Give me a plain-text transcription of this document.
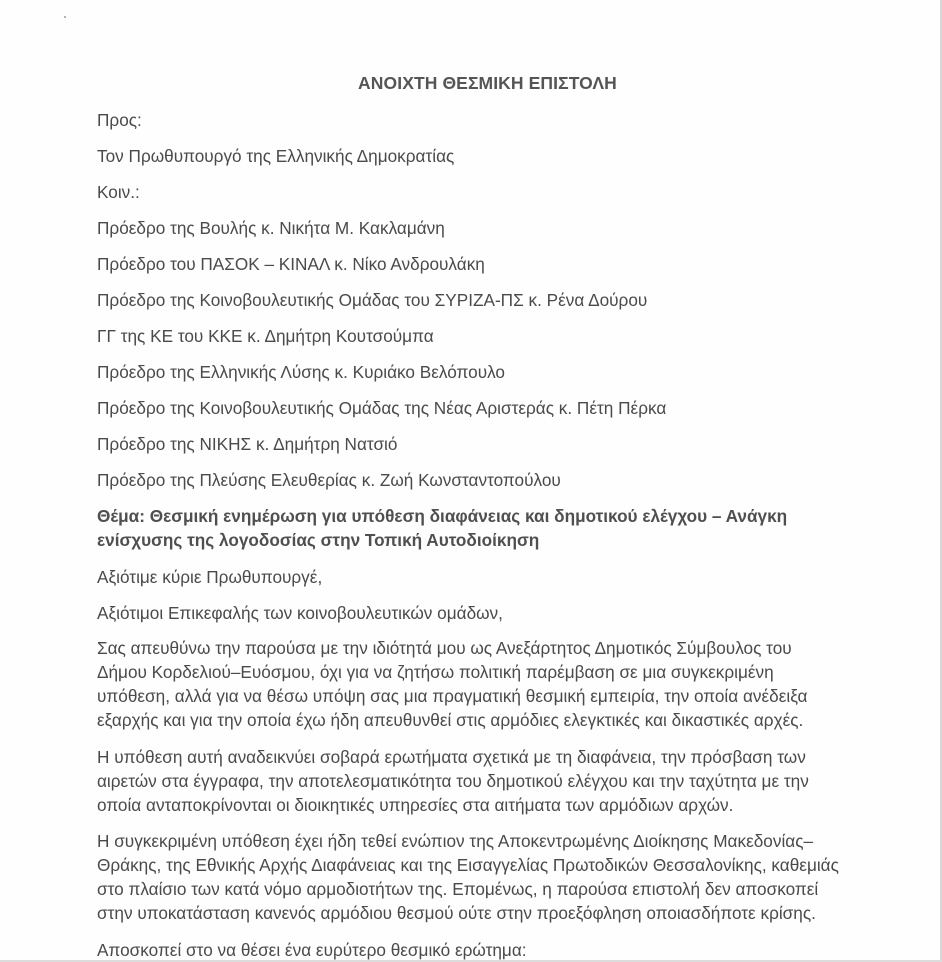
ΑΝΟΙΧΤΗ ΘΕΣΜΙΚΗ ΕΠΙΣΤΟΛΗ
Προς:
Τον Πρωθυπουργό της Ελληνικής Δημοκρατίας
Κοιν.:
Πρόεδρο της Βουλής κ. Νικήτα Μ. Κακλαμάνη
Πρόεδρο του ΠΑΣΟΚ – ΚΙΝΑΛ κ. Νίκο Ανδρουλάκη
Πρόεδρο της Κοινοβουλευτικής Ομάδας του ΣΥΡΙΖΑ-ΠΣ κ. Ρένα Δούρου
ΓΓ της ΚΕ του ΚΚΕ κ. Δημήτρη Κουτσούμπα
Πρόεδρο της Ελληνικής Λύσης κ. Κυριάκο Βελόπουλο
Πρόεδρο της Κοινοβουλευτικής Ομάδας της Νέας Αριστεράς κ. Πέτη Πέρκα
Πρόεδρο της ΝΙΚΗΣ κ. Δημήτρη Νατσιό
Πρόεδρο της Πλεύσης Ελευθερίας κ. Ζωή Κωνσταντοπούλου
Θέμα: Θεσμική ενημέρωση για υπόθεση διαφάνειας και δημοτικού ελέγχου – Ανάγκη
ενίσχυσης της λογοδοσίας στην Τοπική Αυτοδιοίκηση
Αξιότιμε κύριε Πρωθυπουργέ,
Αξιότιμοι Επικεφαλής των κοινοβουλευτικών ομάδων,
Σας απευθύνω την παρούσα με την ιδιότητά μου ως Ανεξάρτητος Δημοτικός Σύμβουλος του
Δήμου Κορδελιού–Ευόσμου, όχι για να ζητήσω πολιτική παρέμβαση σε μια συγκεκριμένη
υπόθεση, αλλά για να θέσω υπόψη σας μια πραγματική θεσμική εμπειρία, την οποία ανέδειξα
εξαρχής και για την οποία έχω ήδη απευθυνθεί στις αρμόδιες ελεγκτικές και δικαστικές αρχές.
Η υπόθεση αυτή αναδεικνύει σοβαρά ερωτήματα σχετικά με τη διαφάνεια, την πρόσβαση των
αιρετών στα έγγραφα, την αποτελεσματικότητα του δημοτικού ελέγχου και την ταχύτητα με την
οποία ανταποκρίνονται οι διοικητικές υπηρεσίες στα αιτήματα των αρμόδιων αρχών.
Η συγκεκριμένη υπόθεση έχει ήδη τεθεί ενώπιον της Αποκεντρωμένης Διοίκησης Μακεδονίας–
Θράκης, της Εθνικής Αρχής Διαφάνειας και της Εισαγγελίας Πρωτοδικών Θεσσαλονίκης, καθεμιάς
στο πλαίσιο των κατά νόμο αρμοδιοτήτων της. Επομένως, η παρούσα επιστολή δεν αποσκοπεί
στην υποκατάσταση κανενός αρμόδιου θεσμού ούτε στην προεξόφληση οποιασδήποτε κρίσης.
Αποσκοπεί στο να θέσει ένα ευρύτερο θεσμικό ερώτημα:
